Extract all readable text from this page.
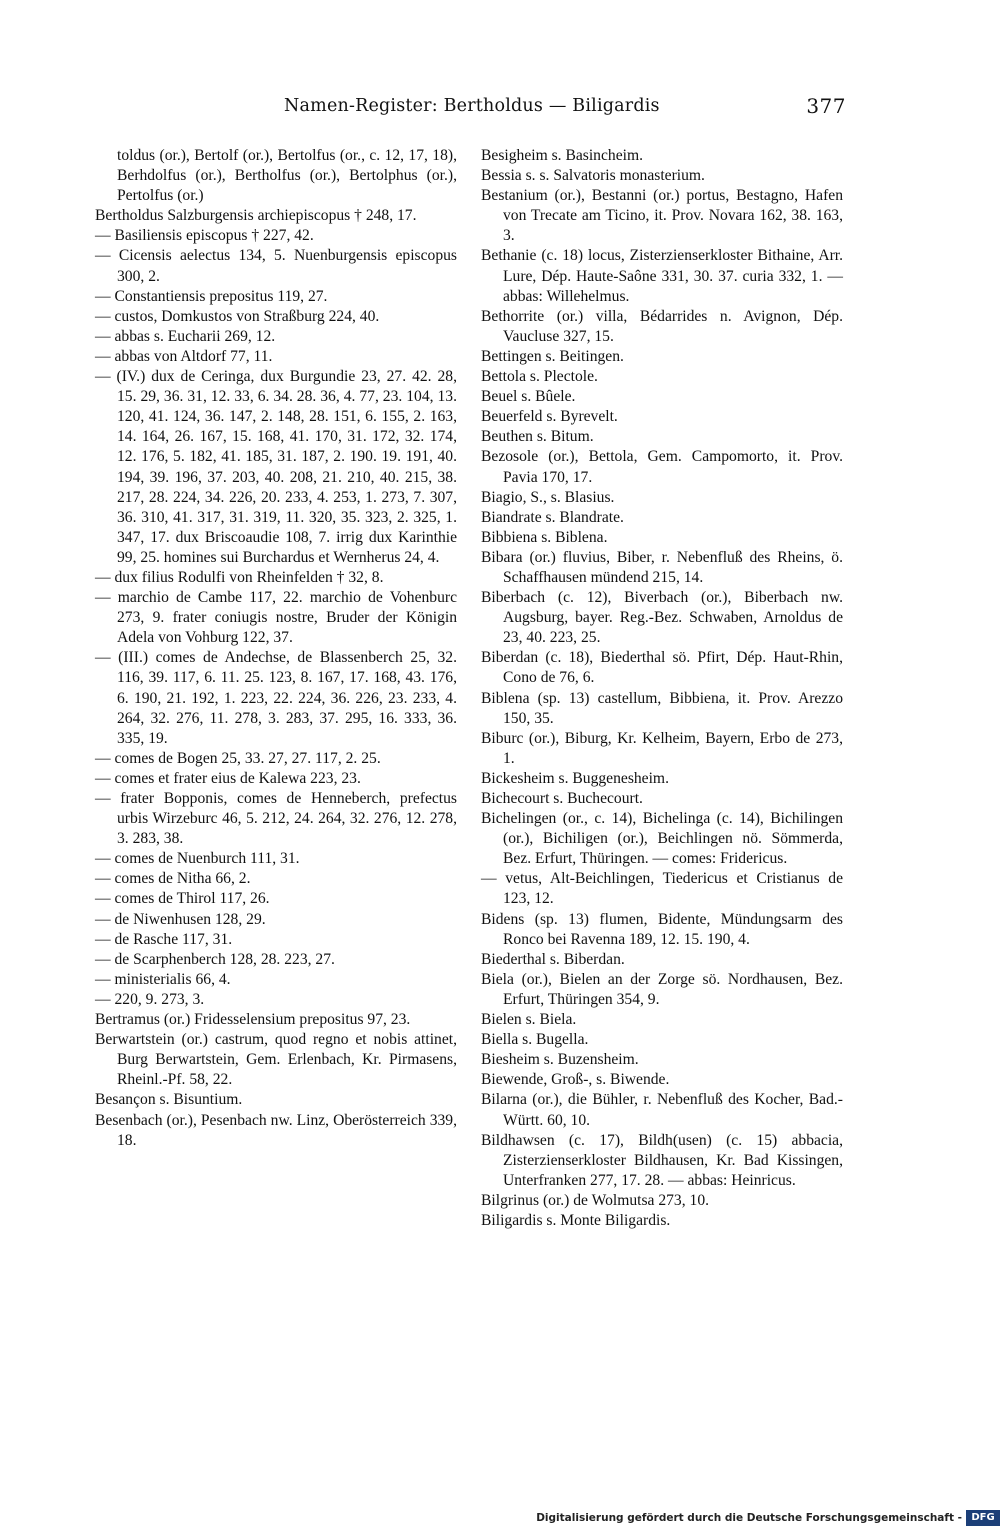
Namen-Register: Bertholdus — Biligardis	377
toldus (or.), Bertolf (or.), Bertolfus (or., c. 12, 17, 18), Berhdolfus (or.), Bertholfus (or.), Bertolphus (or.), Pertolfus (or.)
Bertholdus Salzburgensis archiepiscopus † 248, 17.
— Basiliensis episcopus † 227, 42.
— Cicensis aelectus 134, 5. Nuenburgensis episcopus 300, 2.
— Constantiensis prepositus 119, 27.
— custos, Domkustos von Straßburg 224, 40.
— abbas s. Eucharii 269, 12.
— abbas von Altdorf 77, 11.
— (IV.) dux de Ceringa, dux Burgundie 23, 27. 42. 28, 15. 29, 36. 31, 12. 33, 6. 34. 28. 36, 4. 77, 23. 104, 13. 120, 41. 124, 36. 147, 2. 148, 28. 151, 6. 155, 2. 163, 14. 164, 26. 167, 15. 168, 41. 170, 31. 172, 32. 174, 12. 176, 5. 182, 41. 185, 31. 187, 2. 190. 19. 191, 40. 194, 39. 196, 37. 203, 40. 208, 21. 210, 40. 215, 38. 217, 28. 224, 34. 226, 20. 233, 4. 253, 1. 273, 7. 307, 36. 310, 41. 317, 31. 319, 11. 320, 35. 323, 2. 325, 1. 347, 17. dux Briscoaudie 108, 7. irrig dux Karinthie 99, 25. homines sui Burchardus et Wernherus 24, 4.
— dux filius Rodulfi von Rheinfelden † 32, 8.
— marchio de Cambe 117, 22. marchio de Vohenburc 273, 9. frater coniugis nostre, Bruder der Königin Adela von Vohburg 122, 37.
— (III.) comes de Andechse, de Blassenberch 25, 32. 116, 39. 117, 6. 11. 25. 123, 8. 167, 17. 168, 43. 176, 6. 190, 21. 192, 1. 223, 22. 224, 36. 226, 23. 233, 4. 264, 32. 276, 11. 278, 3. 283, 37. 295, 16. 333, 36. 335, 19.
— comes de Bogen 25, 33. 27, 27. 117, 2. 25.
— comes et frater eius de Kalewa 223, 23.
— frater Bopponis, comes de Henneberch, prefectus urbis Wirzeburc 46, 5. 212, 24. 264, 32. 276, 12. 278, 3. 283, 38.
— comes de Nuenburch 111, 31.
— comes de Nitha 66, 2.
— comes de Thirol 117, 26.
— de Niwenhusen 128, 29.
— de Rasche 117, 31.
— de Scarphenberch 128, 28. 223, 27.
— ministerialis 66, 4.
— 220, 9. 273, 3.
Bertramus (or.) Fridesselensium prepositus 97, 23.
Berwartstein (or.) castrum, quod regno et nobis attinet, Burg Berwartstein, Gem. Erlenbach, Kr. Pirmasens, Rheinl.-Pf. 58, 22.
Besançon s. Bisuntium.
Besenbach (or.), Pesenbach nw. Linz, Oberösterreich 339, 18.
Besigheim s. Basincheim.
Bessia s. s. Salvatoris monasterium.
Bestanium (or.), Bestanni (or.) portus, Bestagno, Hafen von Trecate am Ticino, it. Prov. Novara 162, 38. 163, 3.
Bethanie (c. 18) locus, Zisterzienserkloster Bithaine, Arr. Lure, Dép. Haute-Saône 331, 30. 37. curia 332, 1. — abbas: Willehelmus.
Bethorrite (or.) villa, Bédarrides n. Avignon, Dép. Vaucluse 327, 15.
Bettingen s. Beitingen.
Bettola s. Plectole.
Beuel s. Bûele.
Beuerfeld s. Byrevelt.
Beuthen s. Bitum.
Bezosole (or.), Bettola, Gem. Campomorto, it. Prov. Pavia 170, 17.
Biagio, S., s. Blasius.
Biandrate s. Blandrate.
Bibbiena s. Biblena.
Bibara (or.) fluvius, Biber, r. Nebenfluß des Rheins, ö. Schaffhausen mündend 215, 14.
Biberbach (c. 12), Biverbach (or.), Biberbach nw. Augsburg, bayer. Reg.-Bez. Schwaben, Arnoldus de 23, 40. 223, 25.
Biberdan (c. 18), Biederthal sö. Pfirt, Dép. Haut-Rhin, Cono de 76, 6.
Biblena (sp. 13) castellum, Bibbiena, it. Prov. Arezzo 150, 35.
Biburc (or.), Biburg, Kr. Kelheim, Bayern, Erbo de 273, 1.
Bickesheim s. Buggenesheim.
Bichecourt s. Buchecourt.
Bichelingen (or., c. 14), Bichelinga (c. 14), Bichilingen (or.), Bichiligen (or.), Beichlingen nö. Sömmerda, Bez. Erfurt, Thüringen. — comes: Fridericus.
— vetus, Alt-Beichlingen, Tiedericus et Cristianus de 123, 12.
Bidens (sp. 13) flumen, Bidente, Mündungsarm des Ronco bei Ravenna 189, 12. 15. 190, 4.
Biederthal s. Biberdan.
Biela (or.), Bielen an der Zorge sö. Nordhausen, Bez. Erfurt, Thüringen 354, 9.
Bielen s. Biela.
Biella s. Bugella.
Biesheim s. Buzensheim.
Biewende, Groß-, s. Biwende.
Bilarna (or.), die Bühler, r. Nebenfluß des Kocher, Bad.-Württ. 60, 10.
Bildhawsen (c. 17), Bildh(usen) (c. 15) abbacia, Zisterzienserkloster Bildhausen, Kr. Bad Kissingen, Unterfranken 277, 17. 28. — abbas: Heinricus.
Bilgrinus (or.) de Wolmutsa 273, 10.
Biligardis s. Monte Biligardis.
Digitalisierung gefördert durch die Deutsche Forschungsgemeinschaft - DFG
